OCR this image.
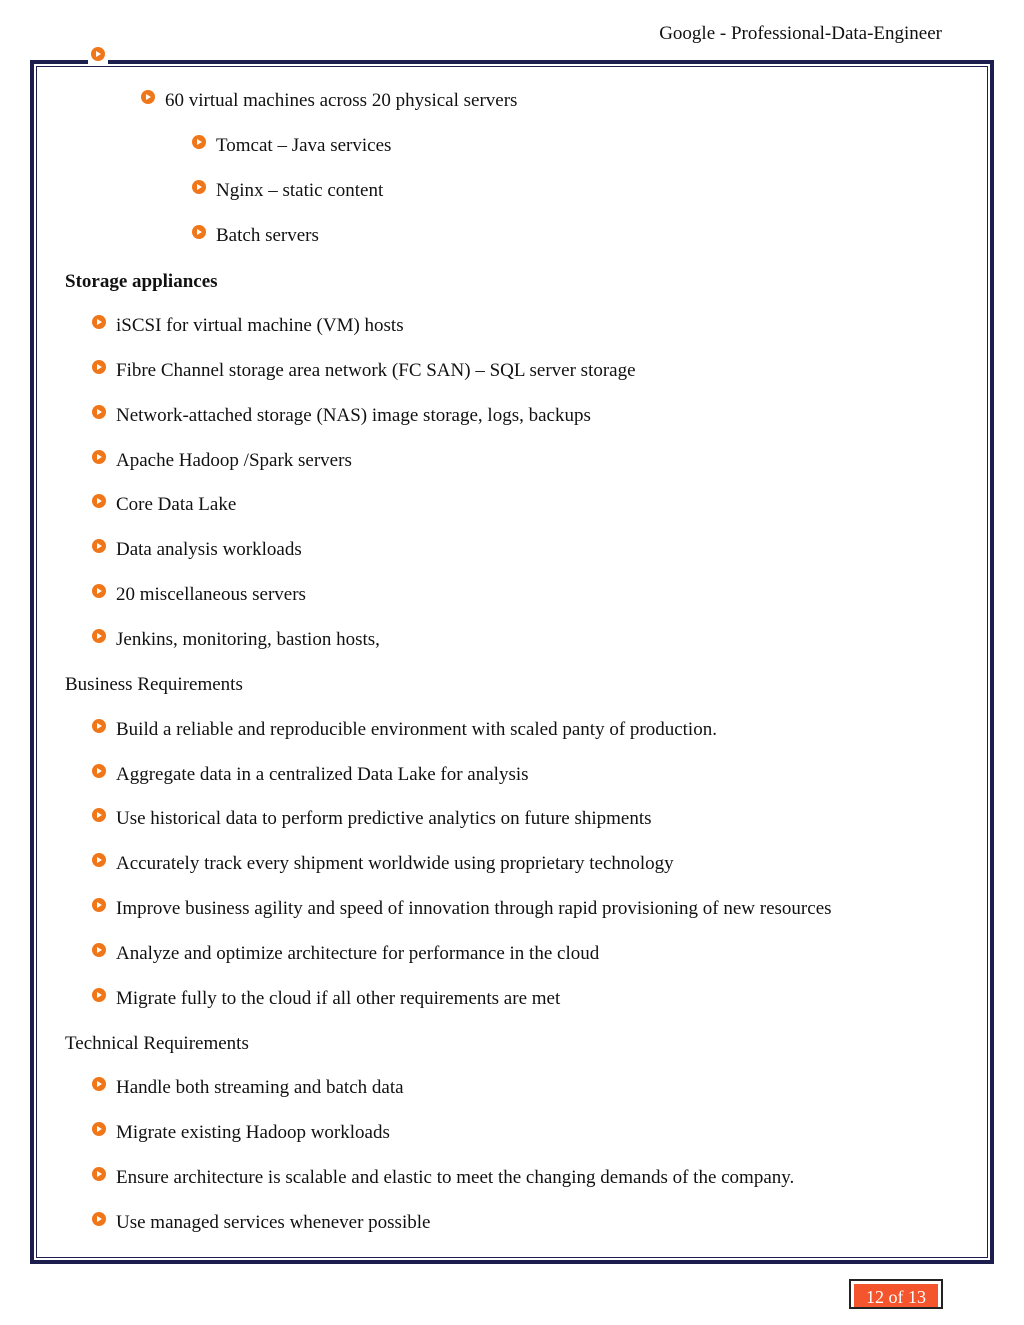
Google - Professional-Data-Engineer
60 virtual machines across 20 physical servers
Tomcat – Java services
Nginx – static content
Batch servers
Storage appliances
iSCSI for virtual machine (VM) hosts
Fibre Channel storage area network (FC SAN) – SQL server storage
Network-attached storage (NAS) image storage, logs, backups
Apache Hadoop /Spark servers
Core Data Lake
Data analysis workloads
20 miscellaneous servers
Jenkins, monitoring, bastion hosts,
Business Requirements
Build a reliable and reproducible environment with scaled panty of production.
Aggregate data in a centralized Data Lake for analysis
Use historical data to perform predictive analytics on future shipments
Accurately track every shipment worldwide using proprietary technology
Improve business agility and speed of innovation through rapid provisioning of new resources
Analyze and optimize architecture for performance in the cloud
Migrate fully to the cloud if all other requirements are met
Technical Requirements
Handle both streaming and batch data
Migrate existing Hadoop workloads
Ensure architecture is scalable and elastic to meet the changing demands of the company.
Use managed services whenever possible
12 of 13
